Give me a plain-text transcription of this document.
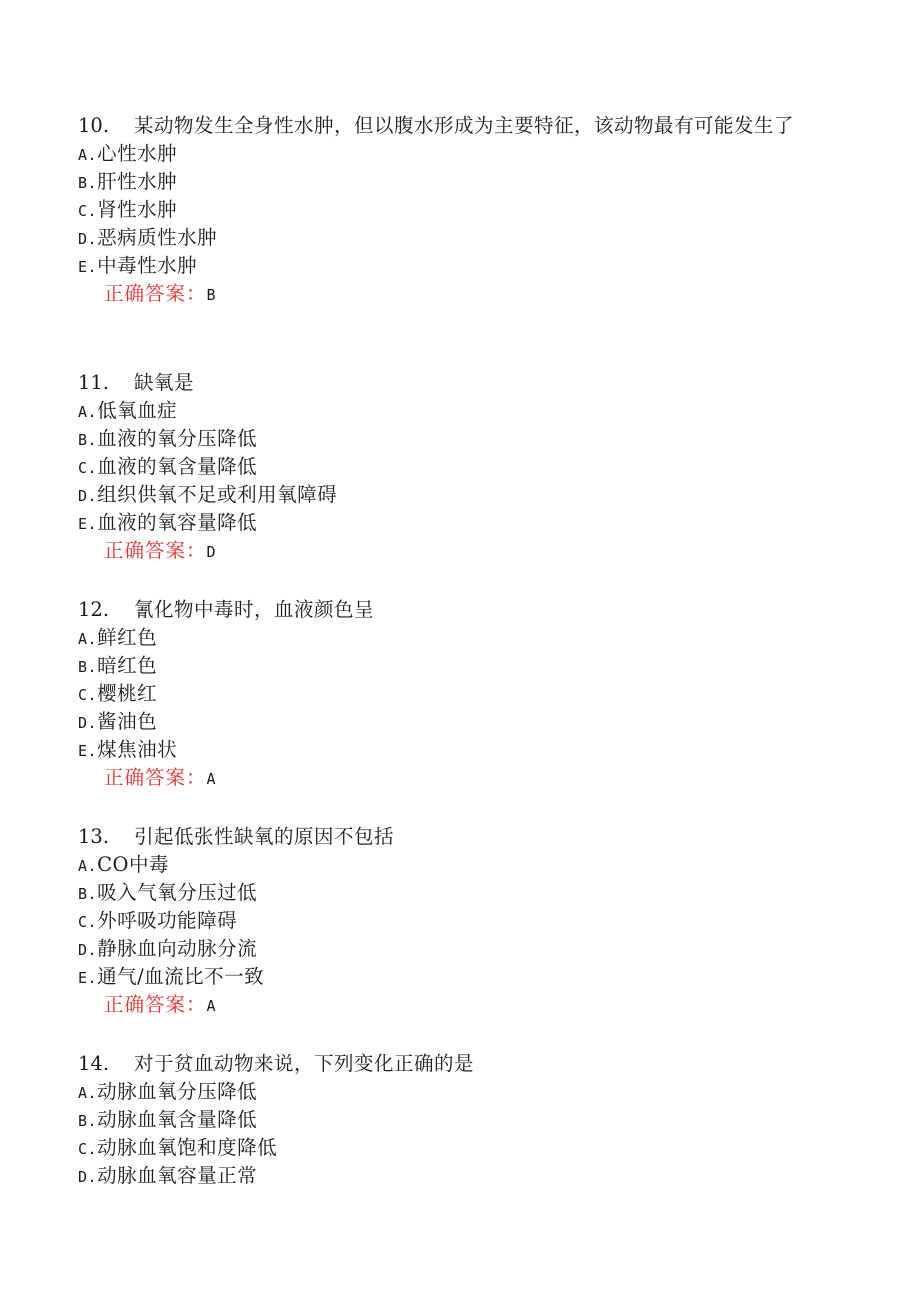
10. 某动物发生全身性水肿，但以腹水形成为主要特征，该动物最有可能发生了

A.心性水肿
B.肝性水肿
C.肾性水肿
D.恶病质性水肿
E.中毒性水肿
正确答案：B

11. 缺氧是

A.低氧血症
B.血液的氧分压降低
C.血液的氧含量降低
D.组织供氧不足或利用氧障碍
E.血液的氧容量降低
正确答案：D

12. 氰化物中毒时，血液颜色呈

A.鲜红色
B.暗红色
C.樱桃红
D.酱油色
E.煤焦油状
正确答案：A

13. 引起低张性缺氧的原因不包括

A.CO中毒
B.吸入气氧分压过低
C.外呼吸功能障碍
D.静脉血向动脉分流
E.通气/血流比不一致
正确答案：A

14. 对于贫血动物来说，下列变化正确的是

A.动脉血氧分压降低
B.动脉血氧含量降低
C.动脉血氧饱和度降低
D.动脉血氧容量正常
